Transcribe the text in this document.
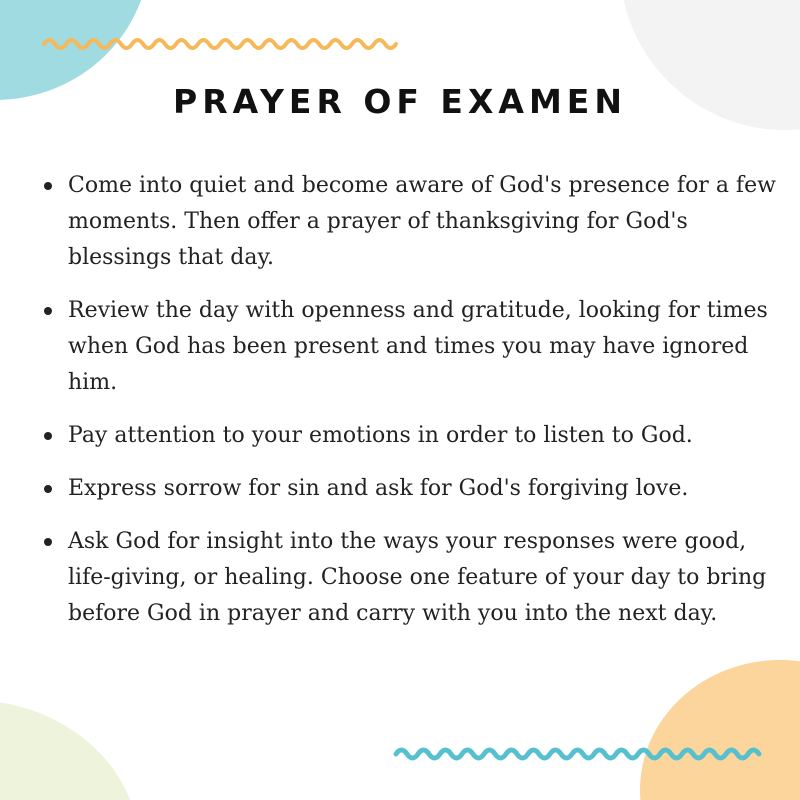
PRAYER OF EXAMEN
Come into quiet and become aware of God's presence for a few moments. Then offer a prayer of thanksgiving for God's blessings that day.
Review the day with openness and gratitude, looking for times when God has been present and times you may have ignored him.
Pay attention to your emotions in order to listen to God.
Express sorrow for sin and ask for God's forgiving love.
Ask God for insight into the ways your responses were good, life-giving, or healing. Choose one feature of your day to bring before God in prayer and carry with you into the next day.
